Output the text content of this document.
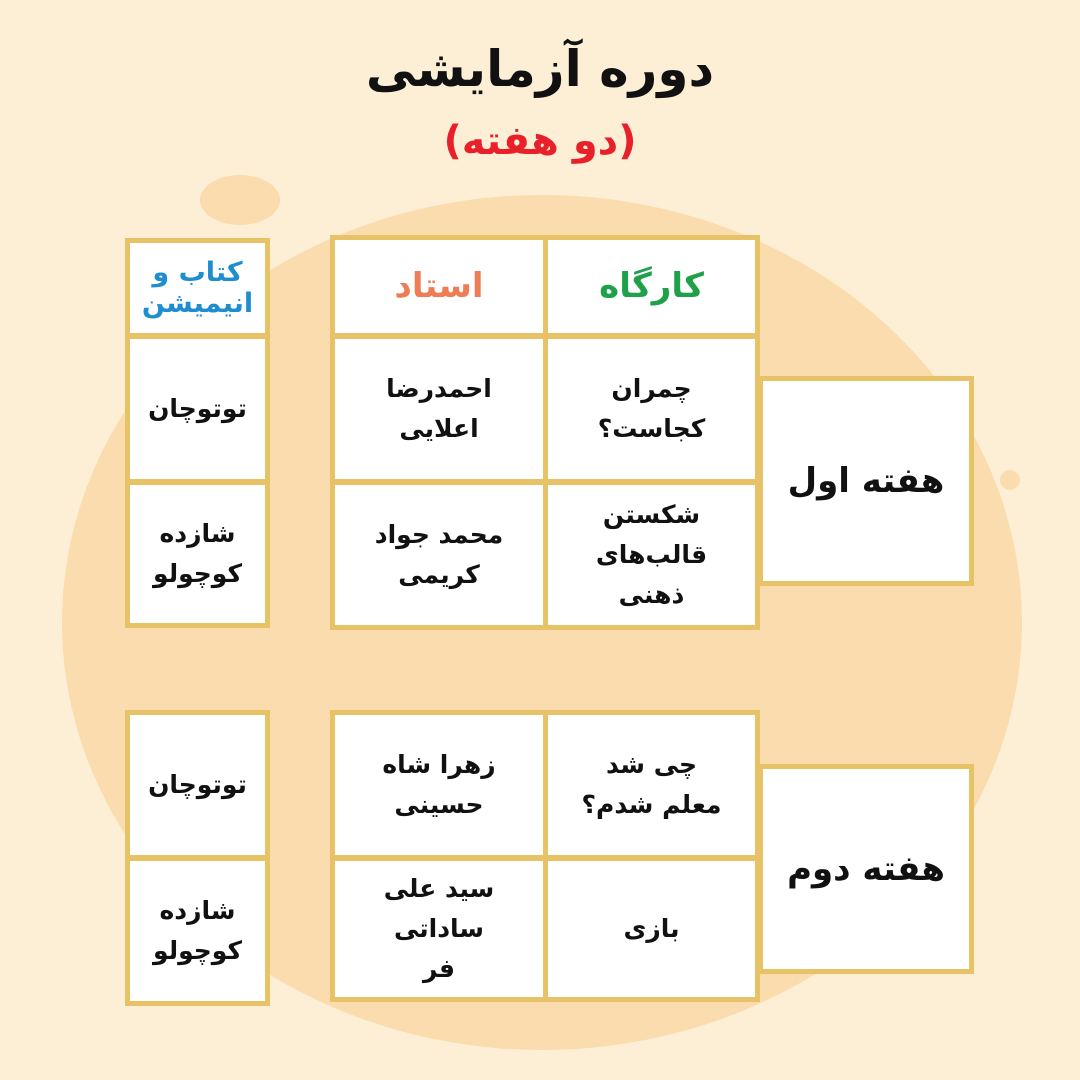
دوره آزمایشی
(دو هفته)
کارگاه
استاد
چمران کجاست؟
احمدرضا اعلایی
شکستن قالب‌های ذهنی
محمد جواد کریمی
هفته اول
کتاب و انیمیشن
توتوچان
شازده کوچولو
چی شد معلم شدم؟
زهرا شاه حسینی
بازی
سید علی ساداتی فر
هفته دوم
توتوچان
شازده کوچولو
